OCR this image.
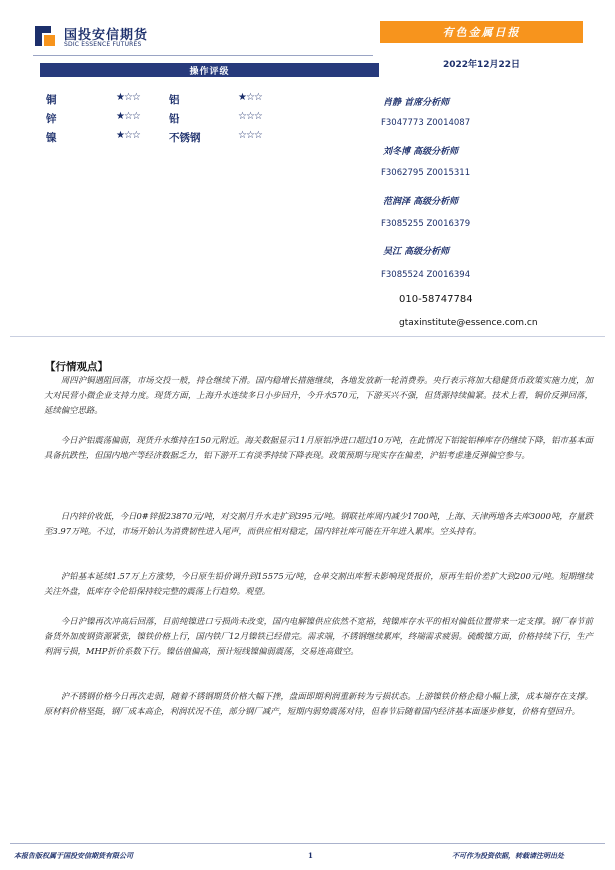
国投安信期货
SDIC ESSENCE FUTURES
有色金属日报
2022年12月22日
操作评级
铜	★☆☆	铝	★☆☆
锌	★☆☆	铅	☆☆☆
镍	★☆☆	不锈钢	☆☆☆
肖静 首席分析师
F3047773 Z0014087
刘冬博 高级分析师
F3062795 Z0015311
范润泽 高级分析师
F3085255 Z0016379
吴江 高级分析师
F3085524 Z0016394
010-58747784
gtaxinstitute@essence.com.cn
【行情观点】

周四沪铜遇阻回落，市场交投一般，持仓继续下滑。国内稳增长措施继续，各地发放新一轮消费券。央行表示将加大稳健货币政策实施力度，加大对民营小微企业支持力度。现货方面，上海升水连续多日小步回升，今升水570元，下游买兴不强，但货源持续偏紧。技术上看，铜价反弹回落，延续偏空思路。

今日沪铝震荡偏弱，现货升水维持在150元附近。海关数据显示11月原铝净进口超过10万吨，在此情况下铝锭铝棒库存仍继续下降，铝市基本面具备抗跌性，但国内地产等经济数据乏力，铝下游开工有淡季持续下降表现。政策预期与现实存在偏差，沪铝考虑逢反弹偏空参与。

日内锌价收低，今日0#锌报23870元/吨，对交割月升水走扩到395元/吨。钢联社库周内减少1700吨，上海、天津两地各去库3000吨，存量跌至3.97万吨。不过，市场开始认为消费韧性进入尾声，而供应相对稳定，国内锌社库可能在开年进入累库。空头持有。

沪铅基本延续1.57万上方涨势，今日原生铅价调升到15575元/吨，仓单交割出库暂未影响现货报价，原再生铅价差扩大到200元/吨。短期继续关注外盘，低库存令伦铅保持较完整的震荡上行趋势。观望。

今日沪镍再次冲高后回落，目前纯镍进口亏损尚未改变，国内电解镍供应依然不宽裕，纯镍库存水平的相对偏低位置带来一定支撑。钢厂春节前备货外加废钢资源紧张，镍铁价格上行，国内铁厂12月镍铁已经借完。需求端，不锈钢继续累库，终端需求疲弱。硫酸镍方面，价格持续下行，生产利润亏损，MHP折价系数下行。镍估值偏高，预计短线镍偏弱震荡，交易连高做空。

沪不锈钢价格今日再次走弱，随着不锈钢期货价格大幅下挫，盘面即期利润重新转为亏损状态。上游镍铁价格企稳小幅上涨，成本端存在支撑。原材料价格坚挺，钢厂成本高企，利润状况不佳，部分钢厂减产，短期内弱势震荡对待，但春节后随着国内经济基本面逐步修复，价格有望回升。

本报告版权属于国投安信期货有限公司	1	不可作为投资依据，转载请注明出处
